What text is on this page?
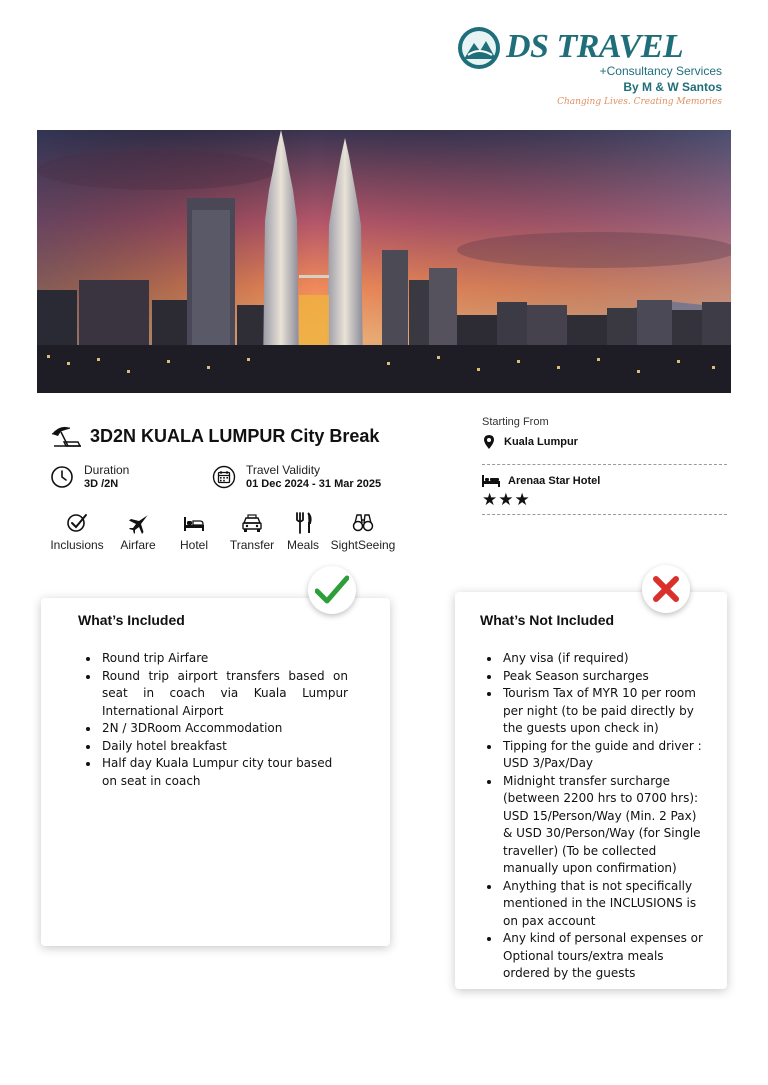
DS TRAVEL
+Consultancy Services
By M & W Santos
Changing Lives. Creating Memories
3D2N KUALA LUMPUR City Break
Duration
3D /2N
Travel Validity
01 Dec 2024 - 31 Mar 2025
Inclusions Airfare Hotel Transfer Meals SightSeeing
Starting From
Kuala Lumpur
Arenaa Star Hotel
★★★
What’s Included
• Round trip Airfare
• Round trip airport transfers based on seat in coach via Kuala Lumpur International Airport
• 2N / 3DRoom Accommodation
• Daily hotel breakfast
• Half day Kuala Lumpur city tour based on seat in coach
What’s Not Included
• Any visa (if required)
• Peak Season surcharges
• Tourism Tax of MYR 10 per room per night (to be paid directly by the guests upon check in)
• Tipping for the guide and driver : USD 3/Pax/Day
• Midnight transfer surcharge (between 2200 hrs to 0700 hrs): USD 15/Person/Way (Min. 2 Pax) & USD 30/Person/Way (for Single traveller) (To be collected manually upon confirmation)
• Anything that is not specifically mentioned in the INCLUSIONS is on pax account
• Any kind of personal expenses or Optional tours/extra meals ordered by the guests
